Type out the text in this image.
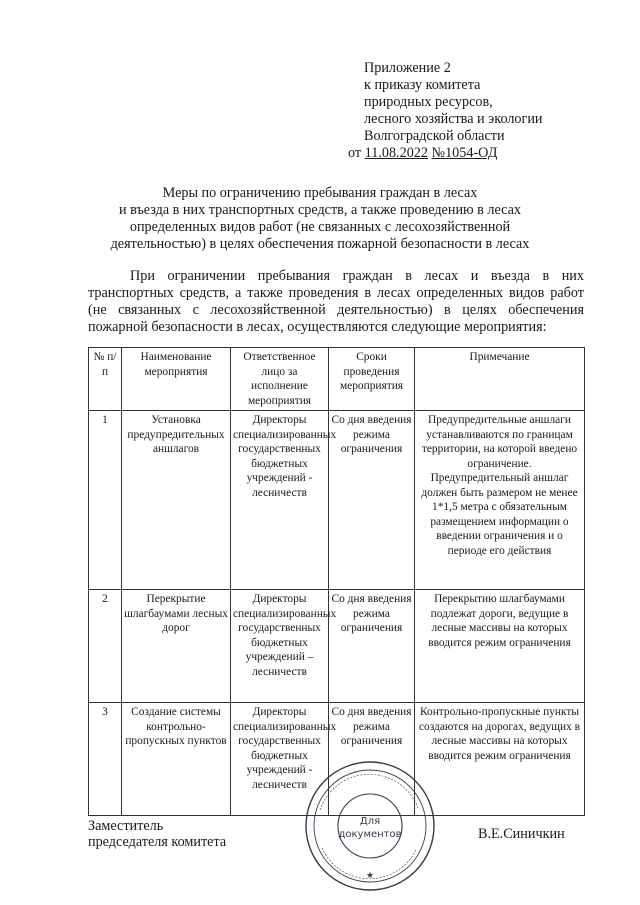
Приложение 2
к приказу комитета
природных ресурсов,
лесного хозяйства и экологии
Волгоградской области
от 11.08.2022 №1054-ОД
Меры по ограничению пребывания граждан в лесах
и въезда в них транспортных средств, а также проведению в лесах
определенных видов работ (не связанных с лесохозяйственной
деятельностью) в целях обеспечения пожарной безопасности в лесах
При ограничении пребывания граждан в лесах и въезда в них
транспортных средств, а также проведения в лесах определенных видов работ
(не связанных с лесохозяйственной деятельностью) в целях обеспечения
пожарной безопасности в лесах, осуществляются следующие мероприятия:
№ п/п	Наименование мероприятия	Ответственное лицо за исполнение мероприятия	Сроки проведения мероприятия	Примечание
1	Установка предупредительных аншлагов	Директоры специализированных государственных бюджетных учреждений - лесничеств	Со дня введения режима ограничения	Предупредительные аншлаги устанавливаются по границам территории, на которой введено ограничение. Предупредительный аншлаг должен быть размером не менее 1*1,5 метра с обязательным размещением информации о введении ограничения и о периоде его действия
2	Перекрытие шлагбаумами лесных дорог	Директоры специализированных государственных бюджетных учреждений – лесничеств	Со дня введения режима ограничения	Перекрытию шлагбаумами подлежат дороги, ведущие в лесные массивы на которых вводится режим ограничения
3	Создание системы контрольно-пропускных пунктов	Директоры специализированных государственных бюджетных учреждений - лесничеств	Со дня введения режима ограничения	Контрольно-пропускные пункты создаются на дорогах, ведущих в лесные массивы на которых вводится режим ограничения
Заместитель
председателя комитета	В.Е.Синичкин
Для
документов
★
